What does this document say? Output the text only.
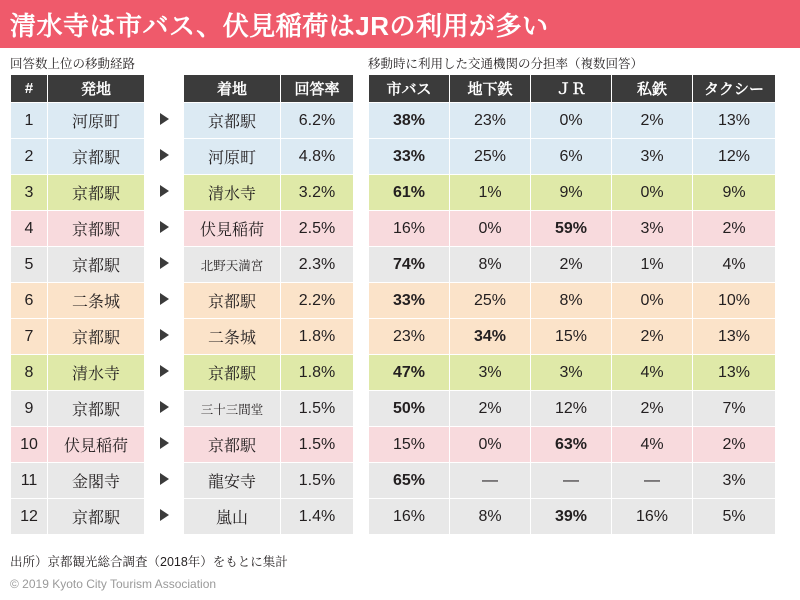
清水寺は市バス、伏見稲荷はJRの利用が多い
回答数上位の移動経路	移動時に利用した交通機関の分担率（複数回答）
#	発地		着地	回答率
1	河原町		京都駅	6.2%
2	京都駅		河原町	4.8%
3	京都駅		清水寺	3.2%
4	京都駅		伏見稲荷	2.5%
5	京都駅		北野天満宮	2.3%
6	二条城		京都駅	2.2%
7	京都駅		二条城	1.8%
8	清水寺		京都駅	1.8%
9	京都駅		三十三間堂	1.5%
10	伏見稲荷		京都駅	1.5%
11	金閣寺		龍安寺	1.5%
12	京都駅		嵐山	1.4%
市バス	地下鉄	ＪＲ	私鉄	タクシー
38%	23%	0%	2%	13%
33%	25%	6%	3%	12%
61%	1%	9%	0%	9%
16%	0%	59%	3%	2%
74%	8%	2%	1%	4%
33%	25%	8%	0%	10%
23%	34%	15%	2%	13%
47%	3%	3%	4%	13%
50%	2%	12%	2%	7%
15%	0%	63%	4%	2%
65%	—	—	—	3%
16%	8%	39%	16%	5%
出所）京都観光総合調査（2018年）をもとに集計
© 2019 Kyoto City Tourism Association
